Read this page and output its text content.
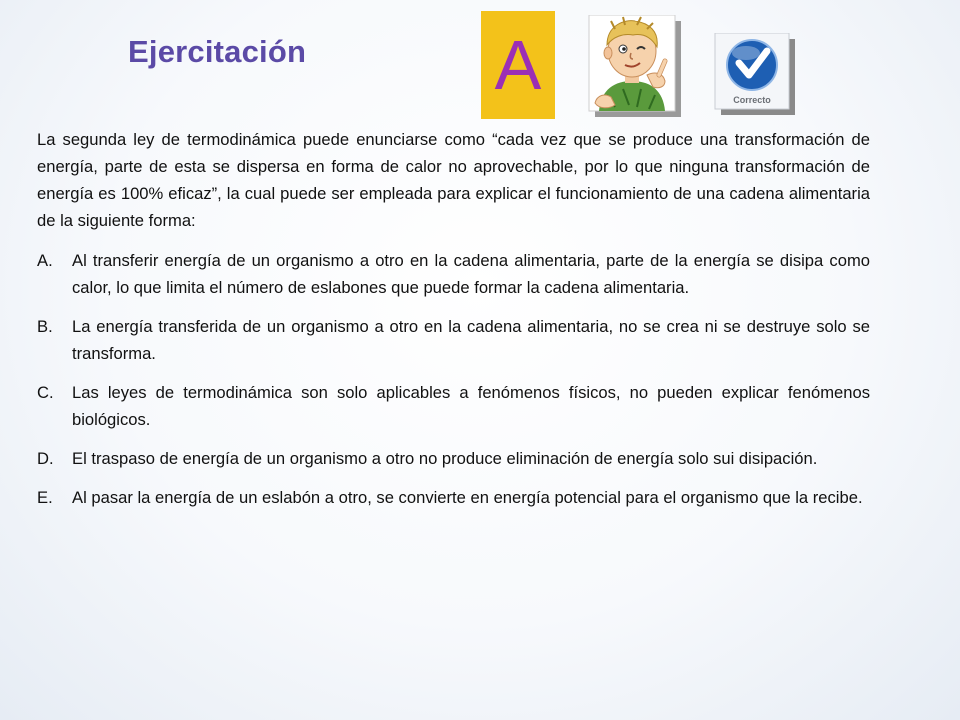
Ejercitación	A	Correcto

La segunda ley de termodinámica puede enunciarse como “cada vez que se produce una transformación de energía, parte de esta se dispersa en forma de calor no aprovechable, por lo que ninguna transformación de energía es 100% eficaz”, la cual puede ser empleada para explicar el funcionamiento de una cadena alimentaria de la siguiente forma:

A.	Al transferir energía de un organismo a otro en la cadena alimentaria, parte de la energía se disipa como calor, lo que limita el número de eslabones que puede formar la cadena alimentaria.
B.	La energía transferida de un organismo a otro en la cadena alimentaria, no se crea ni se destruye solo se transforma.
C.	Las leyes de termodinámica son solo aplicables a fenómenos físicos, no pueden explicar fenómenos biológicos.
D.	El traspaso de energía de un organismo a otro no produce eliminación de energía solo sui disipación.
E.	Al pasar la energía de un eslabón a otro, se convierte en energía potencial para el organismo que la recibe.
